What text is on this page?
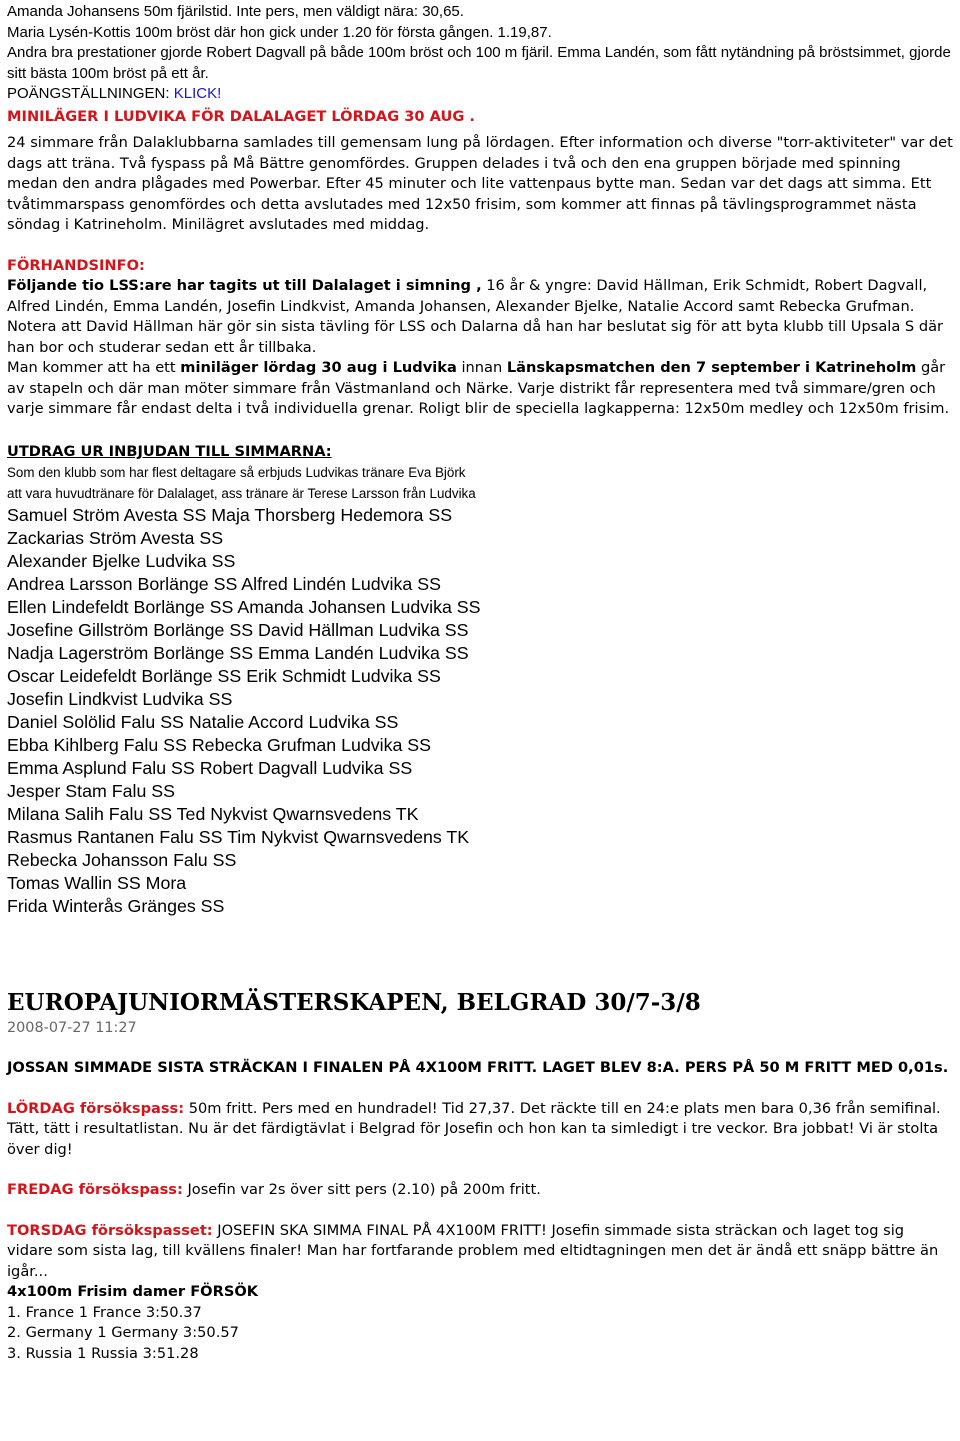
Amanda Johansens 50m fjärilstid. Inte pers, men väldigt nära: 30,65.

Maria Lysén-Kottis 100m bröst där hon gick under 1.20 för första gången. 1.19,87.

Andra bra prestationer gjorde Robert Dagvall på både 100m bröst och 100 m fjäril. Emma Landén, som fått nytändning på bröstsimmet, gjorde sitt bästa 100m bröst på ett år.

POÄNGSTÄLLNINGEN: KLICK!

MINILÄGER I LUDVIKA FÖR DALALAGET LÖRDAG 30 AUG .

24 simmare från Dalaklubbarna samlades till gemensam lung på lördagen. Efter information och diverse "torr-aktiviteter" var det dags att träna. Två fyspass på Må Bättre genomfördes. Gruppen delades i två och den ena gruppen började med spinning medan den andra plågades med Powerbar. Efter 45 minuter och lite vattenpaus bytte man. Sedan var det dags att simma. Ett tvåtimmarspass genomfördes och detta avslutades med 12x50 frisim, som kommer att finnas på tävlingsprogrammet nästa söndag i Katrineholm. Minilägret avslutades med middag.

FÖRHANDSINFO:

Följande tio LSS:are har tagits ut till Dalalaget i simning , 16 år & yngre: David Hällman, Erik Schmidt, Robert Dagvall, Alfred Lindén, Emma Landén, Josefin Lindkvist, Amanda Johansen, Alexander Bjelke, Natalie Accord samt Rebecka Grufman.

Notera att David Hällman här gör sin sista tävling för LSS och Dalarna då han har beslutat sig för att byta klubb till Upsala S där han bor och studerar sedan ett år tillbaka.

Man kommer att ha ett miniläger lördag 30 aug i Ludvika innan Länskapsmatchen den 7 september i Katrineholm går av stapeln och där man möter simmare från Västmanland och Närke. Varje distrikt får representera med två simmare/gren och varje simmare får endast delta i två individuella grenar. Roligt blir de speciella lagkapperna: 12x50m medley och 12x50m frisim.

UTDRAG UR INBJUDAN TILL SIMMARNA:

Som den klubb som har flest deltagare så erbjuds Ludvikas tränare Eva Björk

att vara huvudtränare för Dalalaget, ass tränare är Terese Larsson från Ludvika

Samuel Ström Avesta SS Maja Thorsberg Hedemora SS

Zackarias Ström Avesta SS

Alexander Bjelke Ludvika SS

Andrea Larsson Borlänge SS Alfred Lindén Ludvika SS

Ellen Lindefeldt Borlänge SS Amanda Johansen Ludvika SS

Josefine Gillström Borlänge SS David Hällman Ludvika SS

Nadja Lagerström Borlänge SS Emma Landén Ludvika SS

Oscar Leidefeldt Borlänge SS Erik Schmidt Ludvika SS

Josefin Lindkvist Ludvika SS

Daniel Solölid Falu SS Natalie Accord Ludvika SS

Ebba Kihlberg Falu SS Rebecka Grufman Ludvika SS

Emma Asplund Falu SS Robert Dagvall Ludvika SS

Jesper Stam Falu SS

Milana Salih Falu SS Ted Nykvist Qwarnsvedens TK

Rasmus Rantanen Falu SS Tim Nykvist Qwarnsvedens TK

Rebecka Johansson Falu SS

Tomas Wallin SS Mora

Frida Winterås Gränges SS

EUROPAJUNIORMÄSTERSKAPEN, BELGRAD 30/7-3/8

2008-07-27 11:27

JOSSAN SIMMADE SISTA STRÄCKAN I FINALEN PÅ 4X100M FRITT. LAGET BLEV 8:A. PERS PÅ 50 M FRITT MED 0,01s.

LÖRDAG försökspass: 50m fritt. Pers med en hundradel! Tid 27,37. Det räckte till en 24:e plats men bara 0,36 från semifinal. Tätt, tätt i resultatlistan. Nu är det färdigtävlat i Belgrad för Josefin och hon kan ta simledigt i tre veckor. Bra jobbat! Vi är stolta över dig!

FREDAG försökspass: Josefin var 2s över sitt pers (2.10) på 200m fritt.

TORSDAG försökspasset: JOSEFIN SKA SIMMA FINAL PÅ 4X100M FRITT! Josefin simmade sista sträckan och laget tog sig vidare som sista lag, till kvällens finaler! Man har fortfarande problem med eltidtagningen men det är ändå ett snäpp bättre än igår...

4x100m Frisim damer FÖRSÖK

1. France 1 France 3:50.37

2. Germany 1 Germany 3:50.57

3. Russia 1 Russia 3:51.28
